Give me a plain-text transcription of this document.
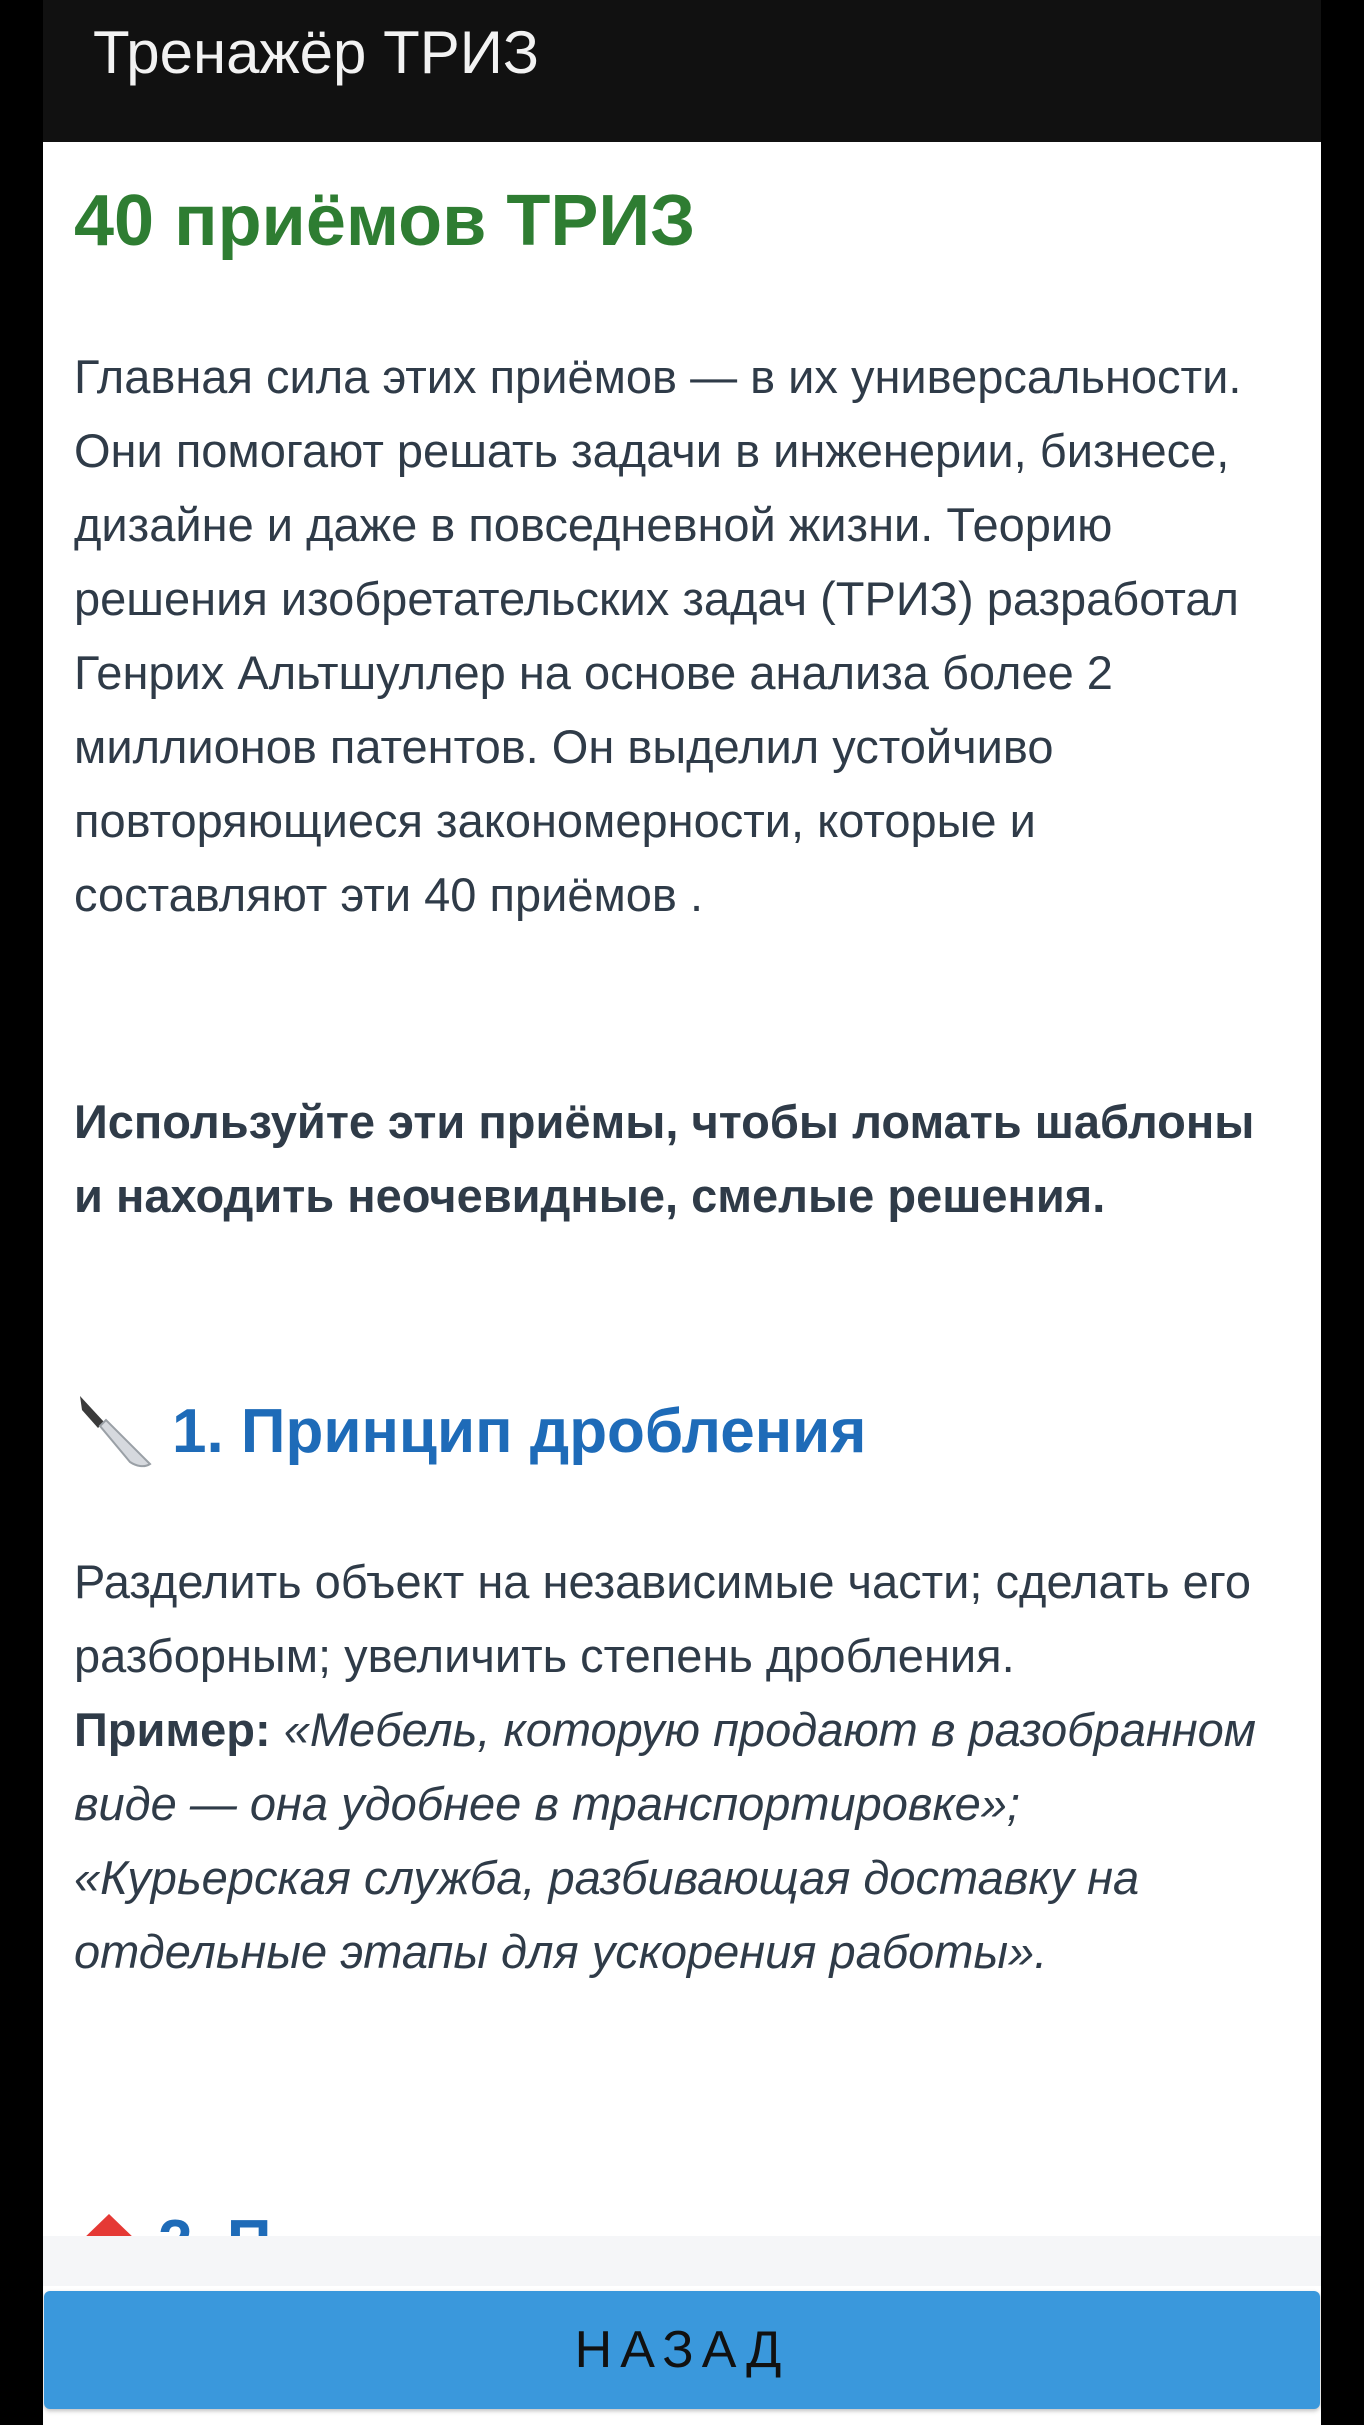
Тренажёр ТРИЗ
40 приёмов ТРИЗ

Главная сила этих приёмов — в их универсальности. Они помогают решать задачи в инженерии, бизнесе, дизайне и даже в повседневной жизни. Теорию решения изобретательских задач (ТРИЗ) разработал Генрих Альтшуллер на основе анализа более 2 миллионов патентов. Он выделил устойчиво повторяющиеся закономерности, которые и составляют эти 40 приёмов .

Используйте эти приёмы, чтобы ломать шаблоны и находить неочевидные, смелые решения.

1. Принцип дробления
Разделить объект на независимые части; сделать его разборным; увеличить степень дробления.
Пример: «Мебель, которую продают в разобранном виде — она удобнее в транспортировке»; «Курьерская служба, разбивающая доставку на отдельные этапы для ускорения работы».
НАЗАД
